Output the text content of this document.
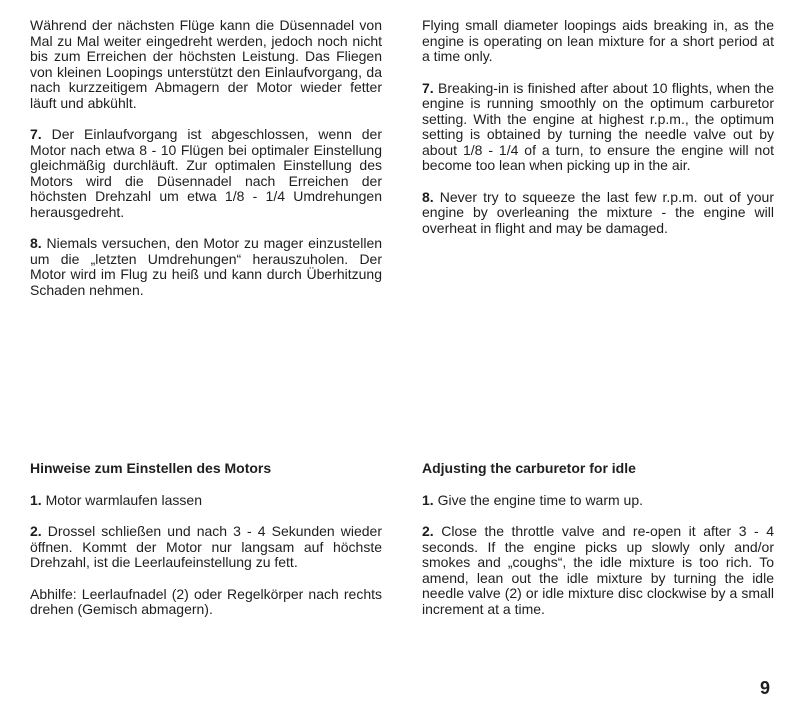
Während der nächsten Flüge kann die Düsennadel von Mal zu Mal weiter eingedreht werden, jedoch noch nicht bis zum Erreichen der höchsten Leistung. Das Fliegen von kleinen Loopings unterstützt den Einlaufvorgang, da nach kurzzeitigem Abmagern der Motor wieder fetter läuft und abkühlt.

7. Der Einlaufvorgang ist abgeschlossen, wenn der Motor nach etwa 8 - 10 Flügen bei optimaler Einstellung gleichmäßig durchläuft. Zur optimalen Einstellung des Motors wird die Düsennadel nach Erreichen der höchsten Drehzahl um etwa 1/8 - 1/4 Umdrehungen herausgedreht.

8. Niemals versuchen, den Motor zu mager einzustellen um die „letzten Umdrehungen“ herauszuholen. Der Motor wird im Flug zu heiß und kann durch Überhitzung Schaden nehmen.

Flying small diameter loopings aids breaking in, as the engine is operating on lean mixture for a short period at a time only.

7. Breaking-in is finished after about 10 flights, when the engine is running smoothly on the optimum carburetor setting. With the engine at highest r.p.m., the optimum setting is obtained by turning the needle valve out by about 1/8 - 1/4 of a turn, to ensure the engine will not become too lean when picking up in the air.

8. Never try to squeeze the last few r.p.m. out of your engine by overleaning the mixture - the engine will overheat in flight and may be damaged.

Hinweise zum Einstellen des Motors

1. Motor warmlaufen lassen

2. Drossel schließen und nach 3 - 4 Sekunden wieder öffnen. Kommt der Motor nur langsam auf höchste Drehzahl, ist die Leerlaufeinstellung zu fett.

Abhilfe: Leerlaufnadel (2) oder Regelkörper nach rechts drehen (Gemisch abmagern).

Adjusting the carburetor for idle

1. Give the engine time to warm up.

2. Close the throttle valve and re-open it after 3 - 4 seconds. If the engine picks up slowly only and/or smokes and „coughs“, the idle mixture is too rich. To amend, lean out the idle mixture by turning the idle needle valve (2) or idle mixture disc clockwise by a small increment at a time.

9
